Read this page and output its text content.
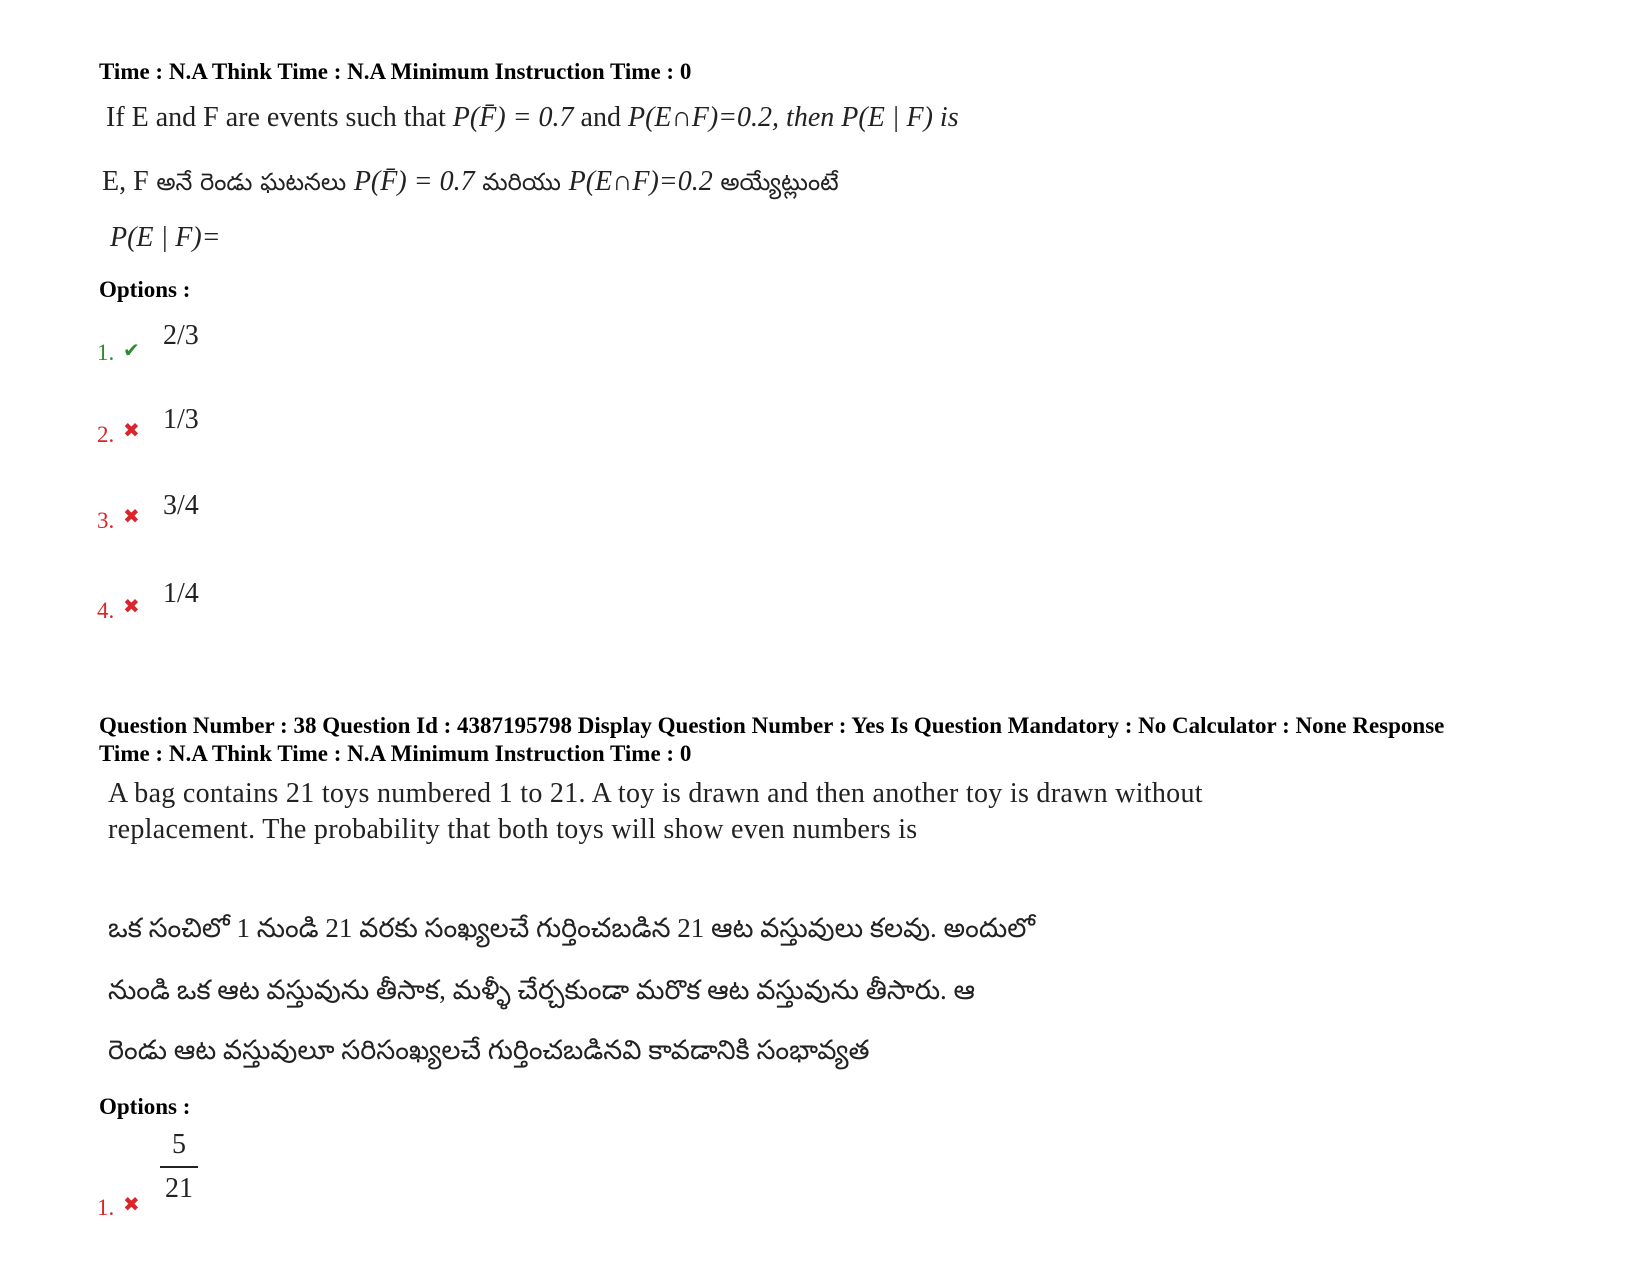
Time : N.A Think Time : N.A Minimum Instruction Time : 0
If E and F are events such that P(F̄) = 0.7 and P(E∩F)=0.2, then P(E | F) is
E, F అనే రెండు ఘటనలు P(F̄) = 0.7 మరియు P(E∩F)=0.2 అయ్యేట్లుంటే
P(E | F)=
Options :
1. ✔ 2/3
2. ✖ 1/3
3. ✖ 3/4
4. ✖ 1/4
Question Number : 38 Question Id : 4387195798 Display Question Number : Yes Is Question Mandatory : No Calculator : None Response
Time : N.A Think Time : N.A Minimum Instruction Time : 0
A bag contains 21 toys numbered 1 to 21. A toy is drawn and then another toy is drawn without replacement. The probability that both toys will show even numbers is
ఒక సంచిలో 1 నుండి 21 వరకు సంఖ్యలచే గుర్తించబడిన 21 ఆట వస్తువులు కలవు. అందులో
నుండి ఒక ఆట వస్తువును తీసాక, మళ్ళీ చేర్చకుండా మరొక ఆట వస్తువును తీసారు. ఆ
రెండు ఆట వస్తువులూ సరిసంఖ్యలచే గుర్తించబడినవి కావడానికి సంభావ్యత
Options :
1. ✖
5
21
